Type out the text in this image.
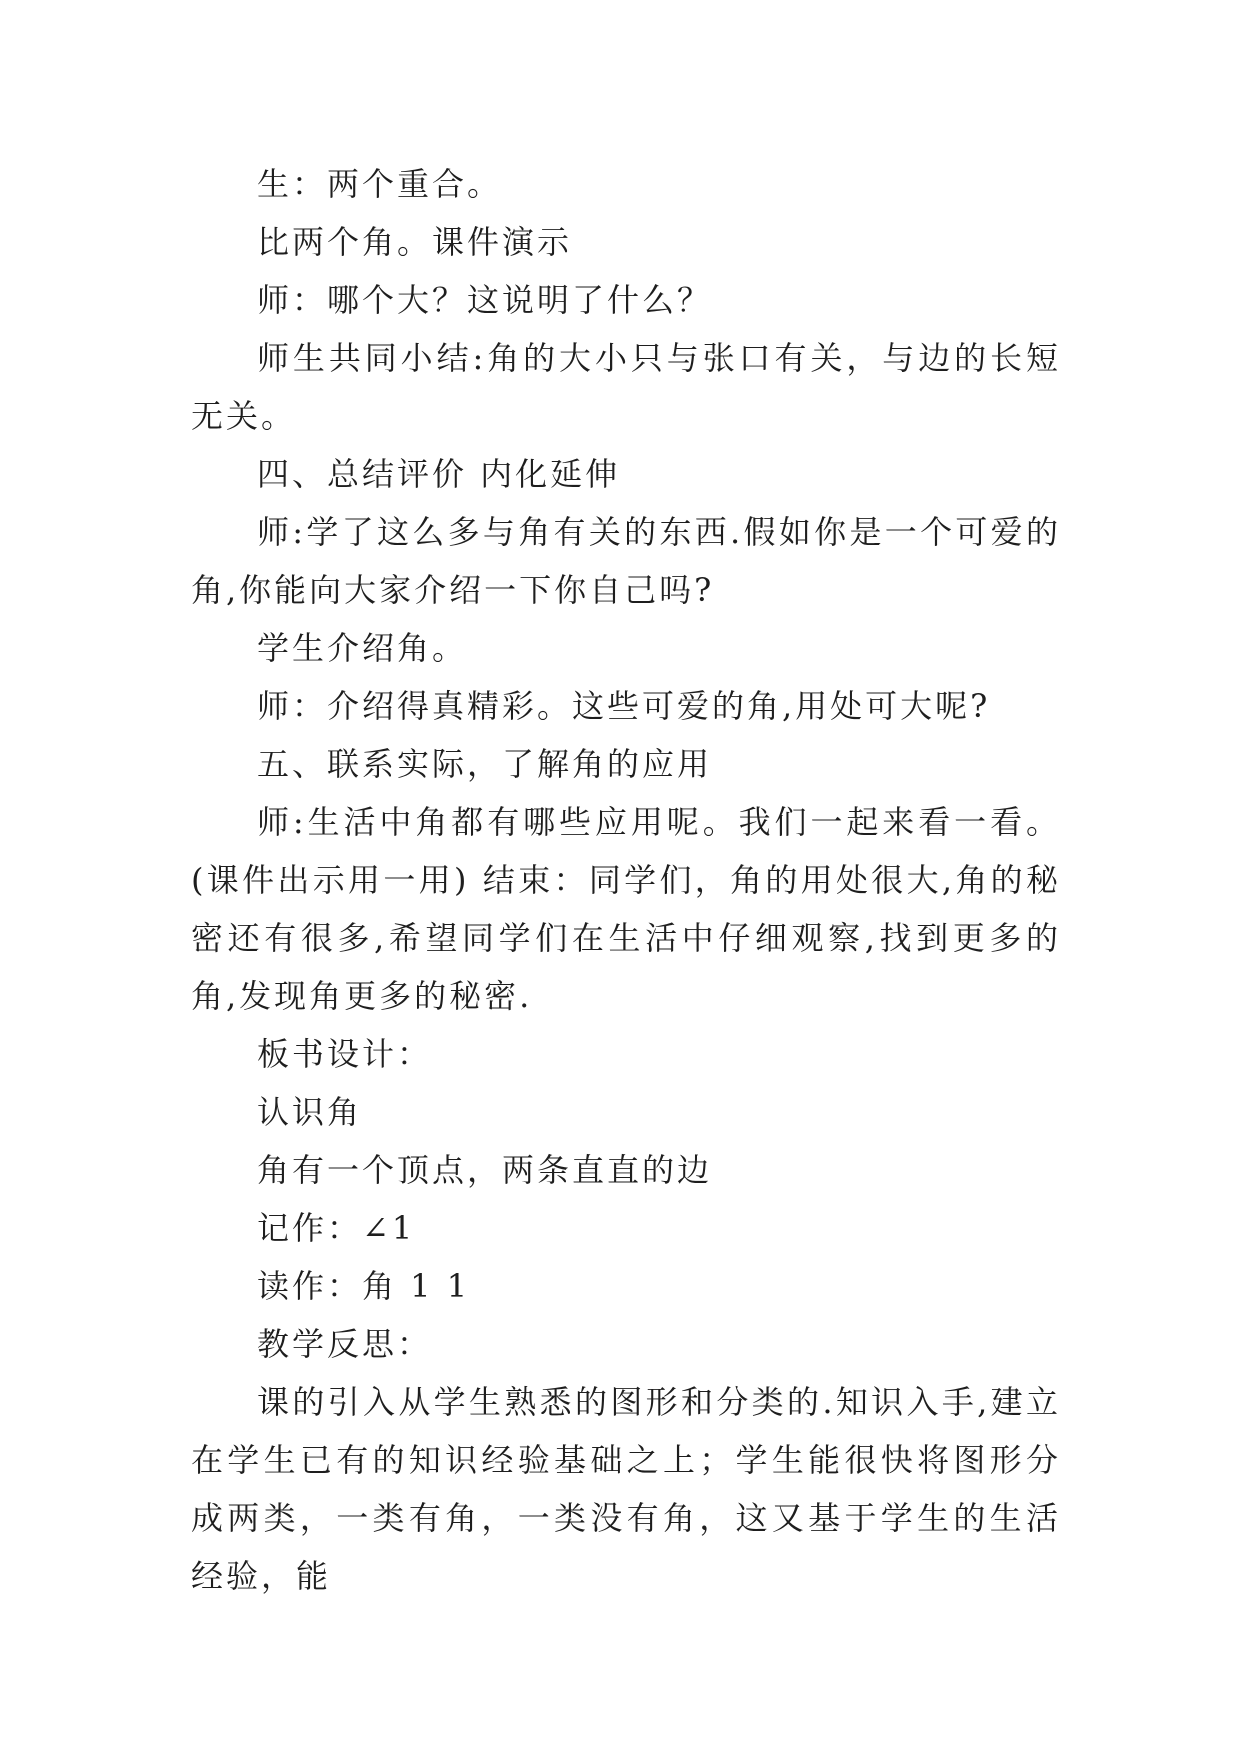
生：两个重合。

比两个角。课件演示

师：哪个大？这说明了什么？

师生共同小结:角的大小只与张口有关，与边的长短无关。

四、总结评价 内化延伸

师:学了这么多与角有关的东西.假如你是一个可爱的角,你能向大家介绍一下你自己吗?

学生介绍角。

师：介绍得真精彩。这些可爱的角,用处可大呢?

五、联系实际，了解角的应用

师:生活中角都有哪些应用呢。我们一起来看一看。(课件出示用一用) 结束：同学们，角的用处很大,角的秘密还有很多,希望同学们在生活中仔细观察,找到更多的角,发现角更多的秘密.

板书设计：

认识角

角有一个顶点，两条直直的边

记作：∠1

读作：角 1 1

教学反思：

课的引入从学生熟悉的图形和分类的.知识入手,建立在学生已有的知识经验基础之上；学生能很快将图形分成两类，一类有角，一类没有角，这又基于学生的生活经验，能
